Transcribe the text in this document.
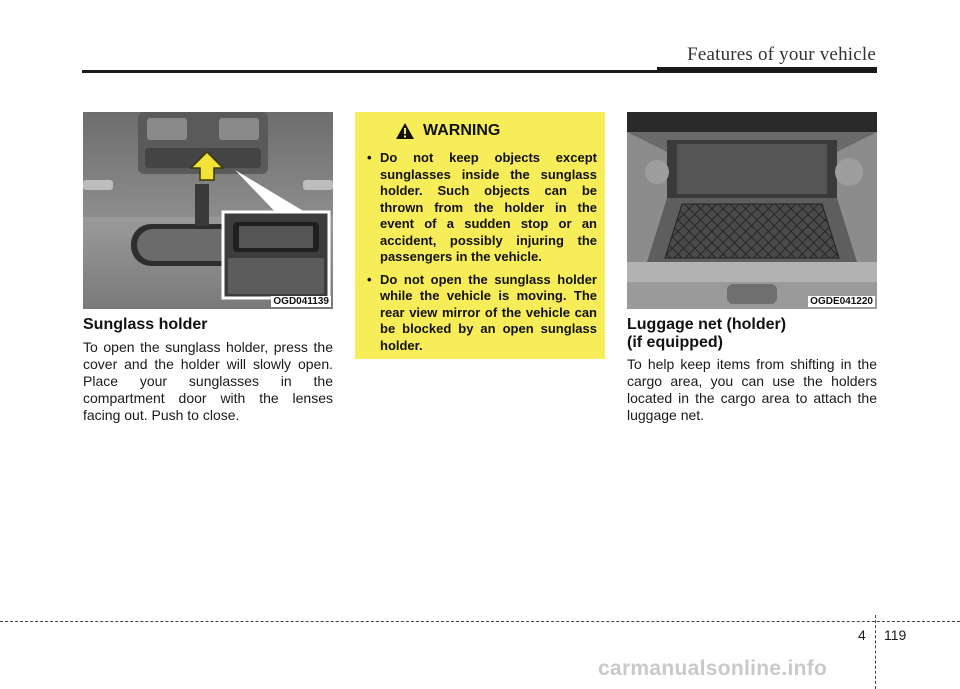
Features of your vehicle
OGD041139
Sunglass holder
To open the sunglass holder, press the cover and the holder will slowly open. Place your sunglasses in the compartment door with the lenses facing out. Push to close.
WARNING
• Do not keep objects except sunglasses inside the sunglass holder. Such objects can be thrown from the holder in the event of a sudden stop or an accident, possibly injuring the passengers in the vehicle.
• Do not open the sunglass holder while the vehicle is moving. The rear view mirror of the vehicle can be blocked by an open sunglass holder.
OGDE041220
Luggage net (holder)
(if equipped)
To help keep items from shifting in the cargo area, you can use the holders located in the cargo area to attach the luggage net.
4 119
carmanualsonline.info
